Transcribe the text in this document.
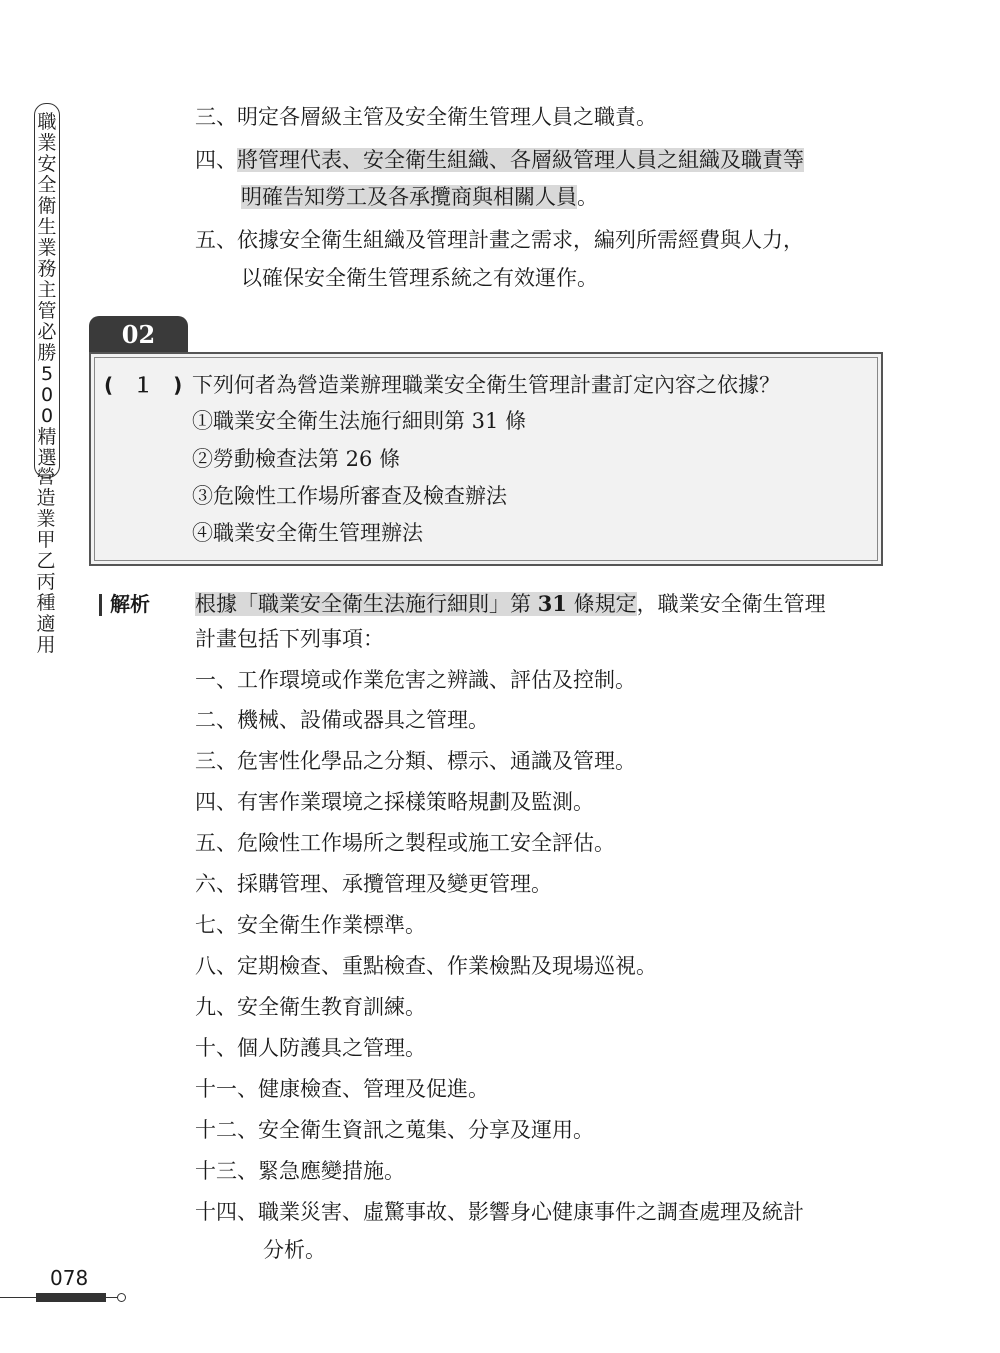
職
業
安
全
衛
生
業
務
主
管
必
勝
5
0
0
精
選
營
造
業
甲
乙
丙
種
適
用
三、明定各層級主管及安全衛生管理人員之職責。
四、將管理代表、安全衛生組織、各層級管理人員之組織及職責等
明確告知勞工及各承攬商與相關人員。
五、依據安全衛生組織及管理計畫之需求，編列所需經費與人力，
以確保安全衛生管理系統之有效運作。
02
(　１　) 下列何者為營造業辦理職業安全衛生管理計畫訂定內容之依據？
①職業安全衛生法施行細則第 31 條
②勞動檢查法第 26 條
③危險性工作場所審查及檢查辦法
④職業安全衛生管理辦法
解析 根據「職業安全衛生法施行細則」第 31 條規定，職業安全衛生管理
計畫包括下列事項：
一、工作環境或作業危害之辨識、評估及控制。
二、機械、設備或器具之管理。
三、危害性化學品之分類、標示、通識及管理。
四、有害作業環境之採樣策略規劃及監測。
五、危險性工作場所之製程或施工安全評估。
六、採購管理、承攬管理及變更管理。
七、安全衛生作業標準。
八、定期檢查、重點檢查、作業檢點及現場巡視。
九、安全衛生教育訓練。
十、個人防護具之管理。
十一、健康檢查、管理及促進。
十二、安全衛生資訊之蒐集、分享及運用。
十三、緊急應變措施。
十四、職業災害、虛驚事故、影響身心健康事件之調查處理及統計
分析。
078
